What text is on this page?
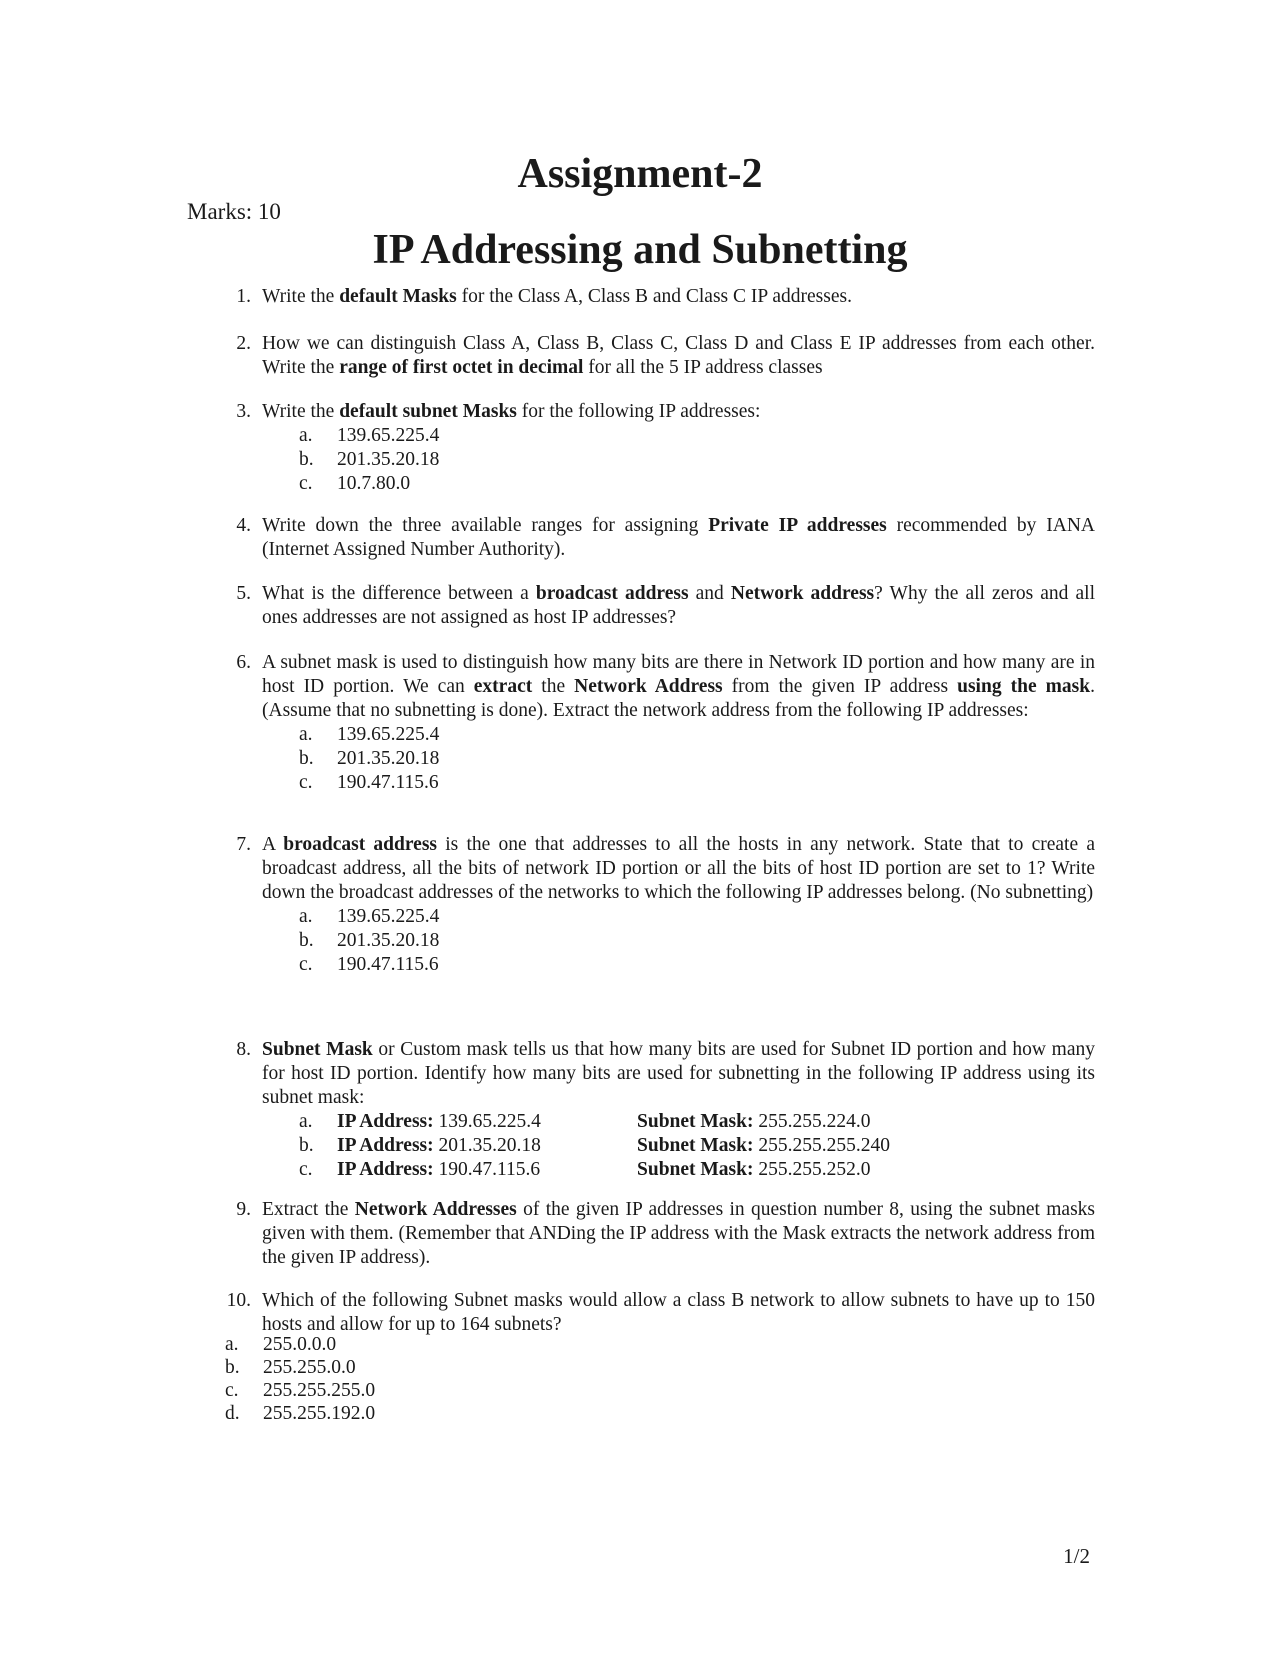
Assignment-2
Marks: 10
IP Addressing and Subnetting
1. Write the default Masks for the Class A, Class B and Class C IP addresses.
2. How we can distinguish Class A, Class B, Class C, Class D and Class E IP addresses from each other. Write the range of first octet in decimal for all the 5 IP address classes
3. Write the default subnet Masks for the following IP addresses:
a.	139.65.225.4
b.	201.35.20.18
c.	10.7.80.0
4. Write down the three available ranges for assigning Private IP addresses recommended by IANA (Internet Assigned Number Authority).
5. What is the difference between a broadcast address and Network address? Why the all zeros and all ones addresses are not assigned as host IP addresses?
6. A subnet mask is used to distinguish how many bits are there in Network ID portion and how many are in host ID portion. We can extract the Network Address from the given IP address using the mask. (Assume that no subnetting is done). Extract the network address from the following IP addresses:
a.	139.65.225.4
b.	201.35.20.18
c.	190.47.115.6
7. A broadcast address is the one that addresses to all the hosts in any network. State that to create a broadcast address, all the bits of network ID portion or all the bits of host ID portion are set to 1? Write down the broadcast addresses of the networks to which the following IP addresses belong. (No subnetting)
a.	139.65.225.4
b.	201.35.20.18
c.	190.47.115.6
8. Subnet Mask or Custom mask tells us that how many bits are used for Subnet ID portion and how many for host ID portion. Identify how many bits are used for subnetting in the following IP address using its subnet mask:
a.	IP Address: 139.65.225.4	Subnet Mask: 255.255.224.0
b.	IP Address: 201.35.20.18	Subnet Mask: 255.255.255.240
c.	IP Address: 190.47.115.6	Subnet Mask: 255.255.252.0
9. Extract the Network Addresses of the given IP addresses in question number 8, using the subnet masks given with them. (Remember that ANDing the IP address with the Mask extracts the network address from the given IP address).
10. Which of the following Subnet masks would allow a class B network to allow subnets to have up to 150 hosts and allow for up to 164 subnets?
a.	255.0.0.0
b.	255.255.0.0
c.	255.255.255.0
d.	255.255.192.0
1/2
